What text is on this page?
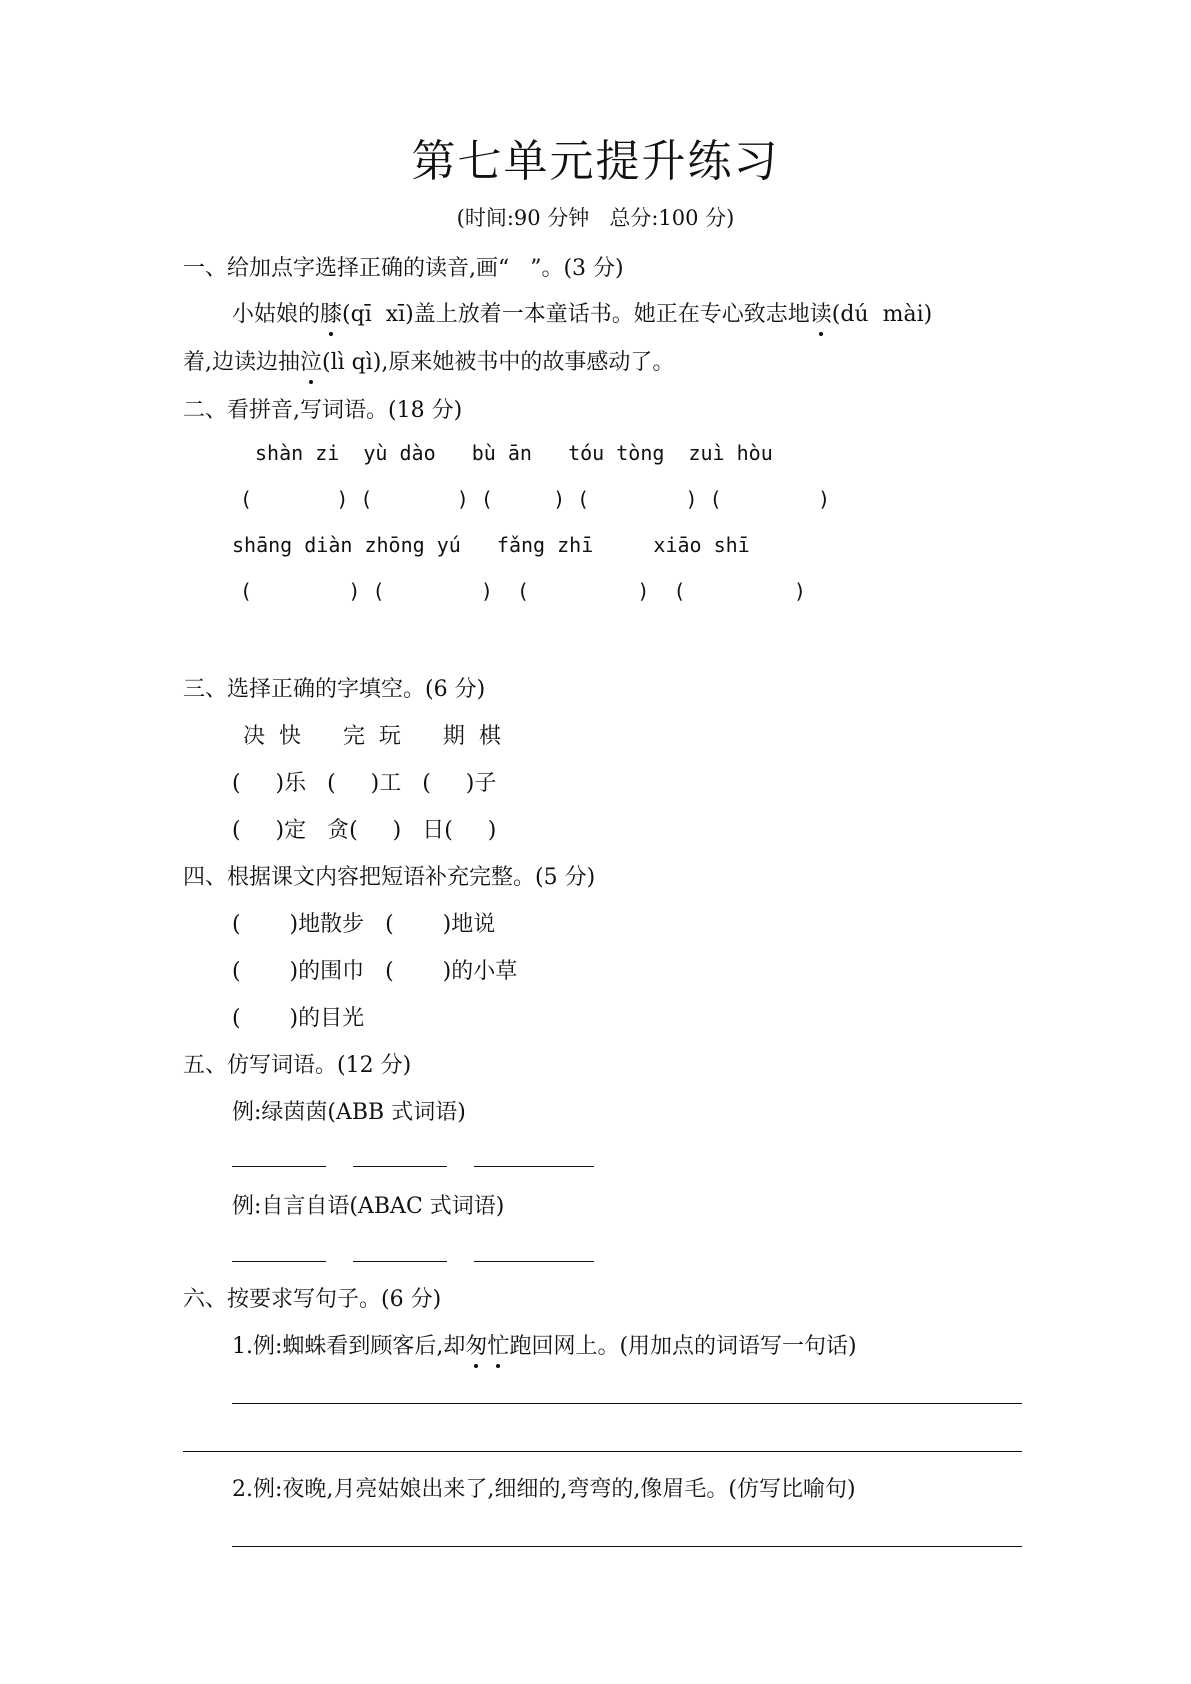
第七单元提升练习
(时间:90 分钟   总分:100 分)
一、给加点字选择正确的读音,画“   ”。(3 分)
小姑娘的膝(qī  xī)盖上放着一本童话书。她正在专心致志地读(dú  mài)
着,边读边抽泣(lì qì),原来她被书中的故事感动了。
二、看拼音,写词语。(18 分)
shàn zi  yù dào   bù ān   tóu tòng  zuì hòu
(       ) (       ) (     ) (        ) (        )
shāng diàn zhōng yú   fǎng zhī     xiāo shī
(        ) (        )  (         )  (         )
三、选择正确的字填空。(6 分)
决  快      完  玩      期  棋
(     )乐   (     )工   (     )子
(     )定   贪(     )   日(     )
四、根据课文内容把短语补充完整。(5 分)
(       )地散步   (       )地说
(       )的围巾   (       )的小草
(       )的目光
五、仿写词语。(12 分)
例:绿茵茵(ABB 式词语)
例:自言自语(ABAC 式词语)
六、按要求写句子。(6 分)
1.例:蜘蛛看到顾客后,却匆忙跑回网上。(用加点的词语写一句话)
2.例:夜晚,月亮姑娘出来了,细细的,弯弯的,像眉毛。(仿写比喻句)
